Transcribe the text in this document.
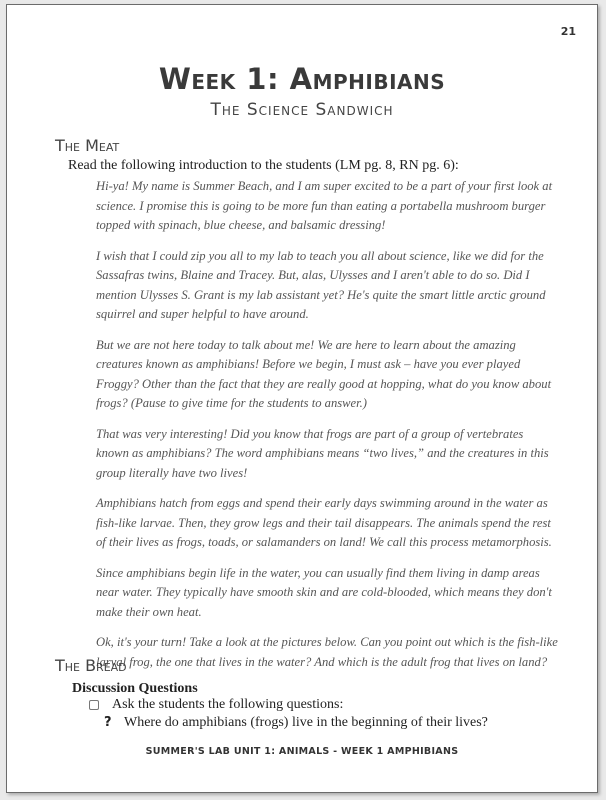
21
Week 1: Amphibians
The Science Sandwich
The Meat
Read the following introduction to the students (LM pg. 8, RN pg. 6):

Hi-ya! My name is Summer Beach, and I am super excited to be a part of your first look at science. I promise this is going to be more fun than eating a portabella mushroom burger topped with spinach, blue cheese, and balsamic dressing!

I wish that I could zip you all to my lab to teach you all about science, like we did for the Sassafras twins, Blaine and Tracey. But, alas, Ulysses and I aren't able to do so. Did I mention Ulysses S. Grant is my lab assistant yet? He's quite the smart little arctic ground squirrel and super helpful to have around.

But we are not here today to talk about me! We are here to learn about the amazing creatures known as amphibians! Before we begin, I must ask – have you ever played Froggy? Other than the fact that they are really good at hopping, what do you know about frogs? (Pause to give time for the students to answer.)

That was very interesting! Did you know that frogs are part of a group of vertebrates known as amphibians? The word amphibians means “two lives,” and the creatures in this group literally have two lives!

Amphibians hatch from eggs and spend their early days swimming around in the water as fish-like larvae. Then, they grow legs and their tail disappears. The animals spend the rest of their lives as frogs, toads, or salamanders on land! We call this process metamorphosis.

Since amphibians begin life in the water, you can usually find them living in damp areas near water. They typically have smooth skin and are cold-blooded, which means they don't make their own heat.

Ok, it's your turn! Take a look at the pictures below. Can you point out which is the fish-like larval frog, the one that lives in the water? And which is the adult frog that lives on land?

The Bread
Discussion Questions
Ask the students the following questions:
? Where do amphibians (frogs) live in the beginning of their lives?
SUMMER'S LAB UNIT 1: ANIMALS - WEEK 1 AMPHIBIANS
